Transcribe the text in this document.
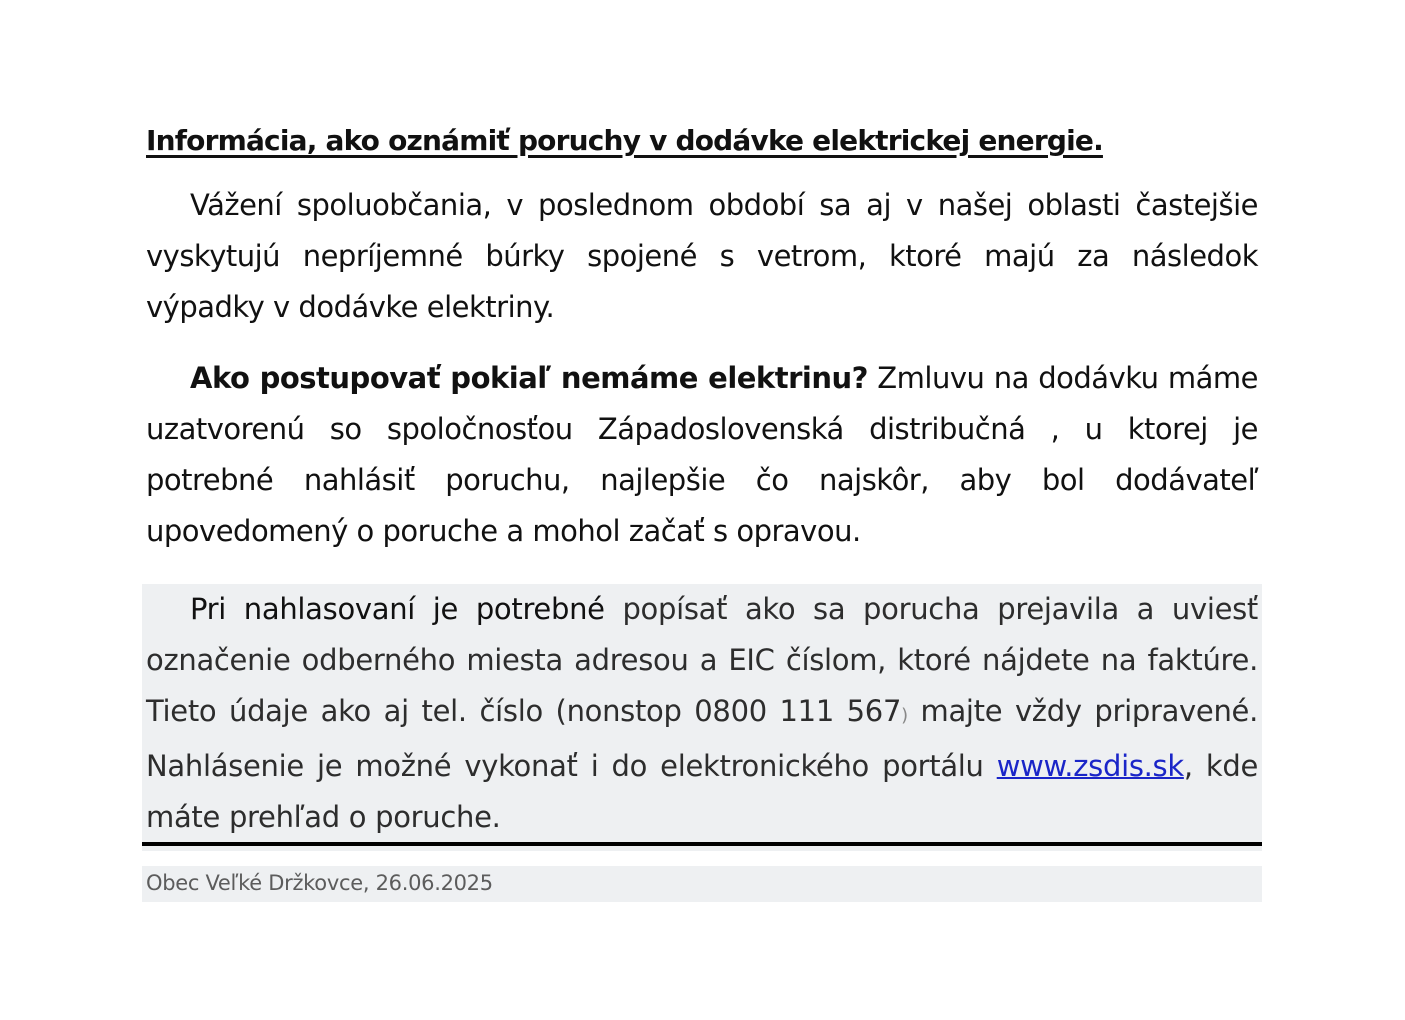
Informácia, ako oznámiť poruchy v dodávke elektrickej energie.

Vážení spoluobčania, v poslednom období sa aj v našej oblasti častejšie vyskytujú nepríjemné búrky spojené s vetrom, ktoré majú za následok výpadky v dodávke elektriny.

Ako postupovať pokiaľ nemáme elektrinu? Zmluvu na dodávku máme uzatvorenú so spoločnosťou Západoslovenská distribučná , u ktorej je potrebné nahlásiť poruchu, najlepšie čo najskôr, aby bol dodávateľ upovedomený o poruche a mohol začať s opravou.

Pri nahlasovaní je potrebné popísať ako sa porucha prejavila a uviesť označenie odberného miesta adresou a EIC číslom, ktoré nájdete na faktúre. Tieto údaje ako aj tel. číslo (nonstop 0800 111 567) majte vždy pripravené. Nahlásenie je možné vykonať i do elektronického portálu www.zsdis.sk, kde máte prehľad o poruche.

Obec Veľké Držkovce, 26.06.2025
